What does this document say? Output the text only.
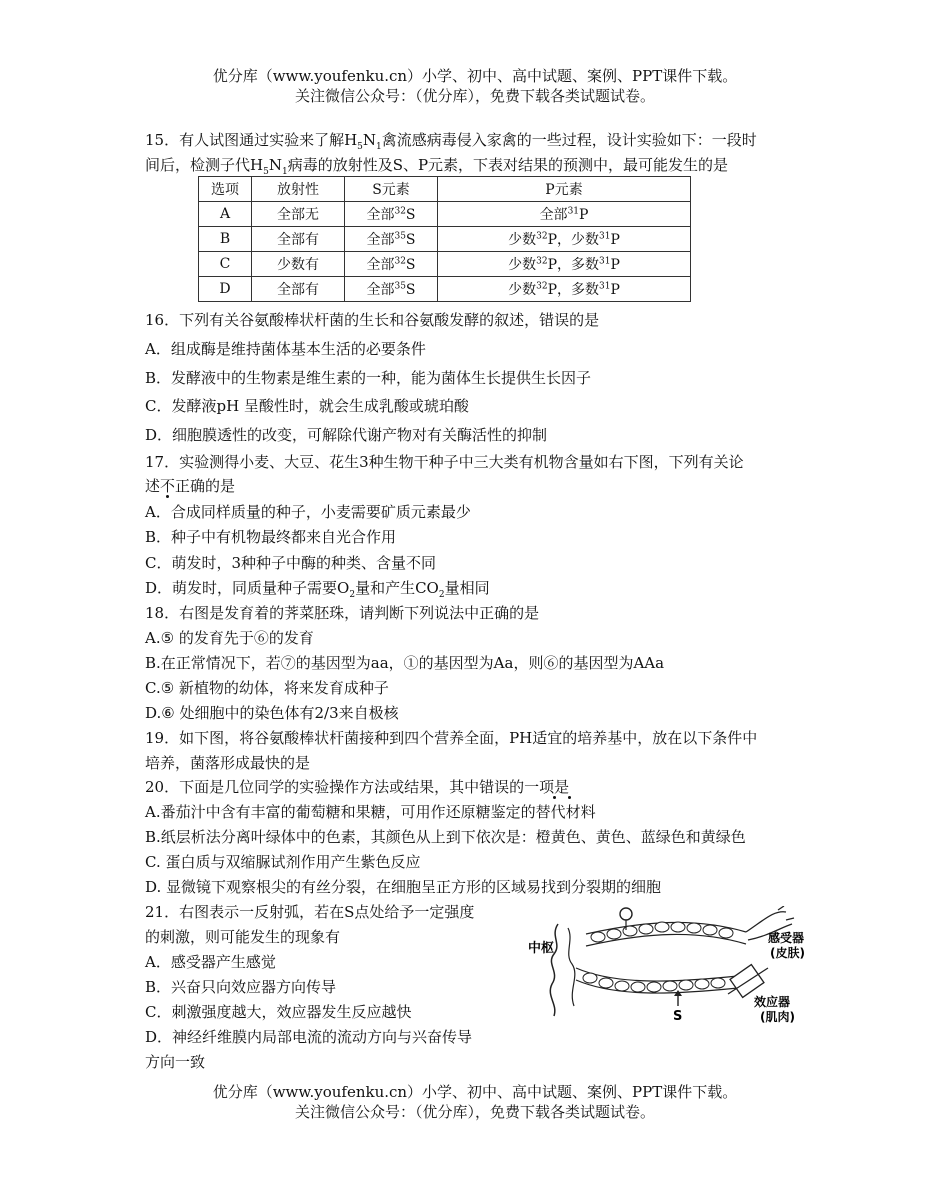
优分库（www.youfenku.cn）小学、初中、高中试题、案例、PPT课件下载。
关注微信公众号：（优分库），免费下载各类试题试卷。
15．有人试图通过实验来了解$H_5N_1$禽流感病毒侵入家禽的一些过程，设计实验如下：一段时
间后，检测子代$H_5N_1$病毒的放射性及S、P元素，下表对结果的预测中，最可能发生的是
选项	放射性	S元素	P元素
A	全部无	全部$^{32}$S	全部$^{31}$P
B	全部有	全部$^{35}$S	少数$^{32}$P，少数$^{31}$P
C	少数有	全部$^{32}$S	少数$^{32}$P，多数$^{31}$P
D	全部有	全部$^{35}$S	少数$^{32}$P，多数$^{31}$P
16．下列有关谷氨酸棒状杆菌的生长和谷氨酸发酵的叙述，错误的是
A．组成酶是维持菌体基本生活的必要条件
B．发酵液中的生物素是维生素的一种，能为菌体生长提供生长因子
C．发酵液pH 呈酸性时，就会生成乳酸或琥珀酸
D．细胞膜透性的改变，可解除代谢产物对有关酶活性的抑制
17．实验测得小麦、大豆、花生3种生物干种子中三大类有机物含量如右下图，下列有关论
述不正确的是
A．合成同样质量的种子，小麦需要矿质元素最少
B．种子中有机物最终都来自光合作用
C．萌发时，3种种子中酶的种类、含量不同
D．萌发时，同质量种子需要$O_2$量和产生$CO_2$量相同
18．右图是发育着的荠菜胚珠，请判断下列说法中正确的是
A.⑤ 的发育先于⑥的发育
B.在正常情况下，若⑦的基因型为aa，①的基因型为Aa，则⑥的基因型为AAa
C.⑤ 新植物的幼体，将来发育成种子
D.⑥ 处细胞中的染色体有2/3来自极核
19．如下图，将谷氨酸棒状杆菌接种到四个营养全面，PH适宜的培养基中，放在以下条件中
培养，菌落形成最快的是
20．下面是几位同学的实验操作方法或结果，其中错误的一项是
A.番茄汁中含有丰富的葡萄糖和果糖，可用作还原糖鉴定的替代材料
B.纸层析法分离叶绿体中的色素，其颜色从上到下依次是：橙黄色、黄色、蓝绿色和黄绿色
C. 蛋白质与双缩脲试剂作用产生紫色反应
D. 显微镜下观察根尖的有丝分裂，在细胞呈正方形的区域易找到分裂期的细胞
21．右图表示一反射弧，若在S点处给予一定强度
的刺激，则可能发生的现象有
A．感受器产生感觉
B．兴奋只向效应器方向传导
C．刺激强度越大，效应器发生反应越快
D．神经纤维膜内局部电流的流动方向与兴奋传导
方向一致
中枢
感受器
(皮肤)
S
效应器
(肌肉)
优分库（www.youfenku.cn）小学、初中、高中试题、案例、PPT课件下载。
关注微信公众号：（优分库），免费下载各类试题试卷。
